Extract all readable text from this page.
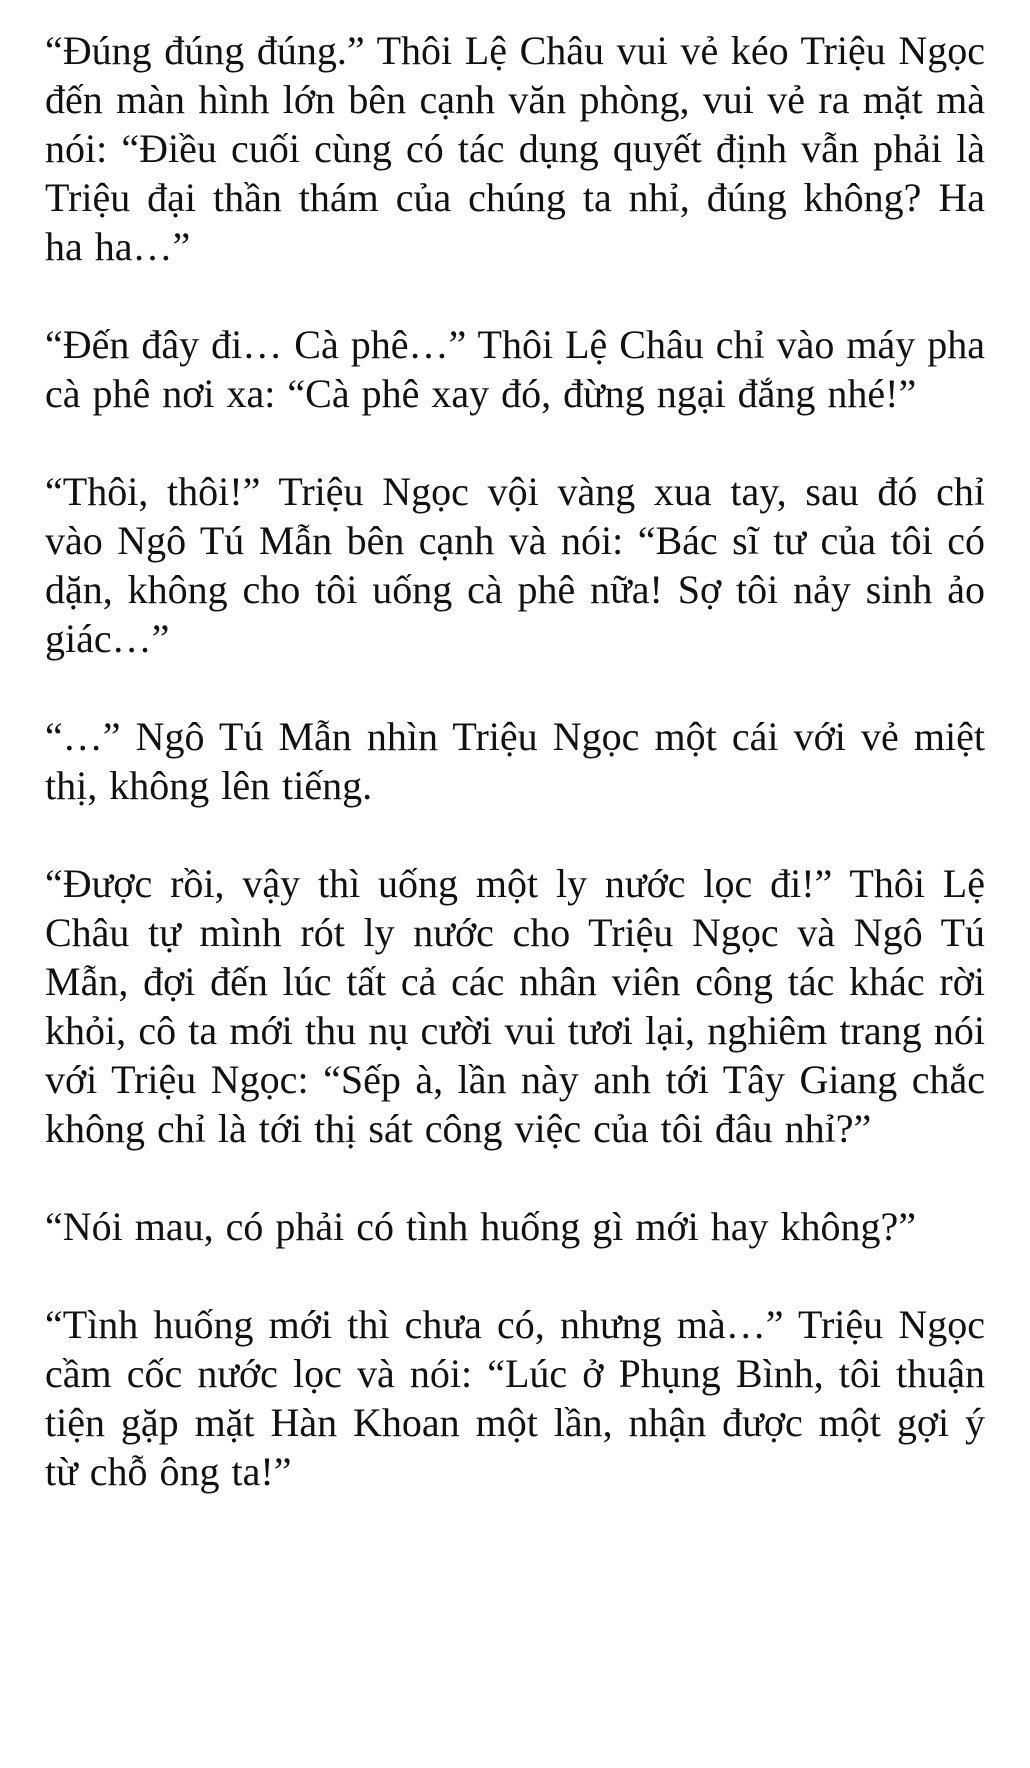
“Đúng đúng đúng.” Thôi Lệ Châu vui vẻ kéo Triệu Ngọc đến màn hình lớn bên cạnh văn phòng, vui vẻ ra mặt mà nói: “Điều cuối cùng có tác dụng quyết định vẫn phải là Triệu đại thần thám của chúng ta nhỉ, đúng không? Ha ha ha…”

“Đến đây đi… Cà phê…” Thôi Lệ Châu chỉ vào máy pha cà phê nơi xa: “Cà phê xay đó, đừng ngại đắng nhé!”

“Thôi, thôi!” Triệu Ngọc vội vàng xua tay, sau đó chỉ vào Ngô Tú Mẫn bên cạnh và nói: “Bác sĩ tư của tôi có dặn, không cho tôi uống cà phê nữa! Sợ tôi nảy sinh ảo giác…”

“…” Ngô Tú Mẫn nhìn Triệu Ngọc một cái với vẻ miệt thị, không lên tiếng.

“Được rồi, vậy thì uống một ly nước lọc đi!” Thôi Lệ Châu tự mình rót ly nước cho Triệu Ngọc và Ngô Tú Mẫn, đợi đến lúc tất cả các nhân viên công tác khác rời khỏi, cô ta mới thu nụ cười vui tươi lại, nghiêm trang nói với Triệu Ngọc: “Sếp à, lần này anh tới Tây Giang chắc không chỉ là tới thị sát công việc của tôi đâu nhỉ?”

“Nói mau, có phải có tình huống gì mới hay không?”

“Tình huống mới thì chưa có, nhưng mà…” Triệu Ngọc cầm cốc nước lọc và nói: “Lúc ở Phụng Bình, tôi thuận tiện gặp mặt Hàn Khoan một lần, nhận được một gợi ý từ chỗ ông ta!”
